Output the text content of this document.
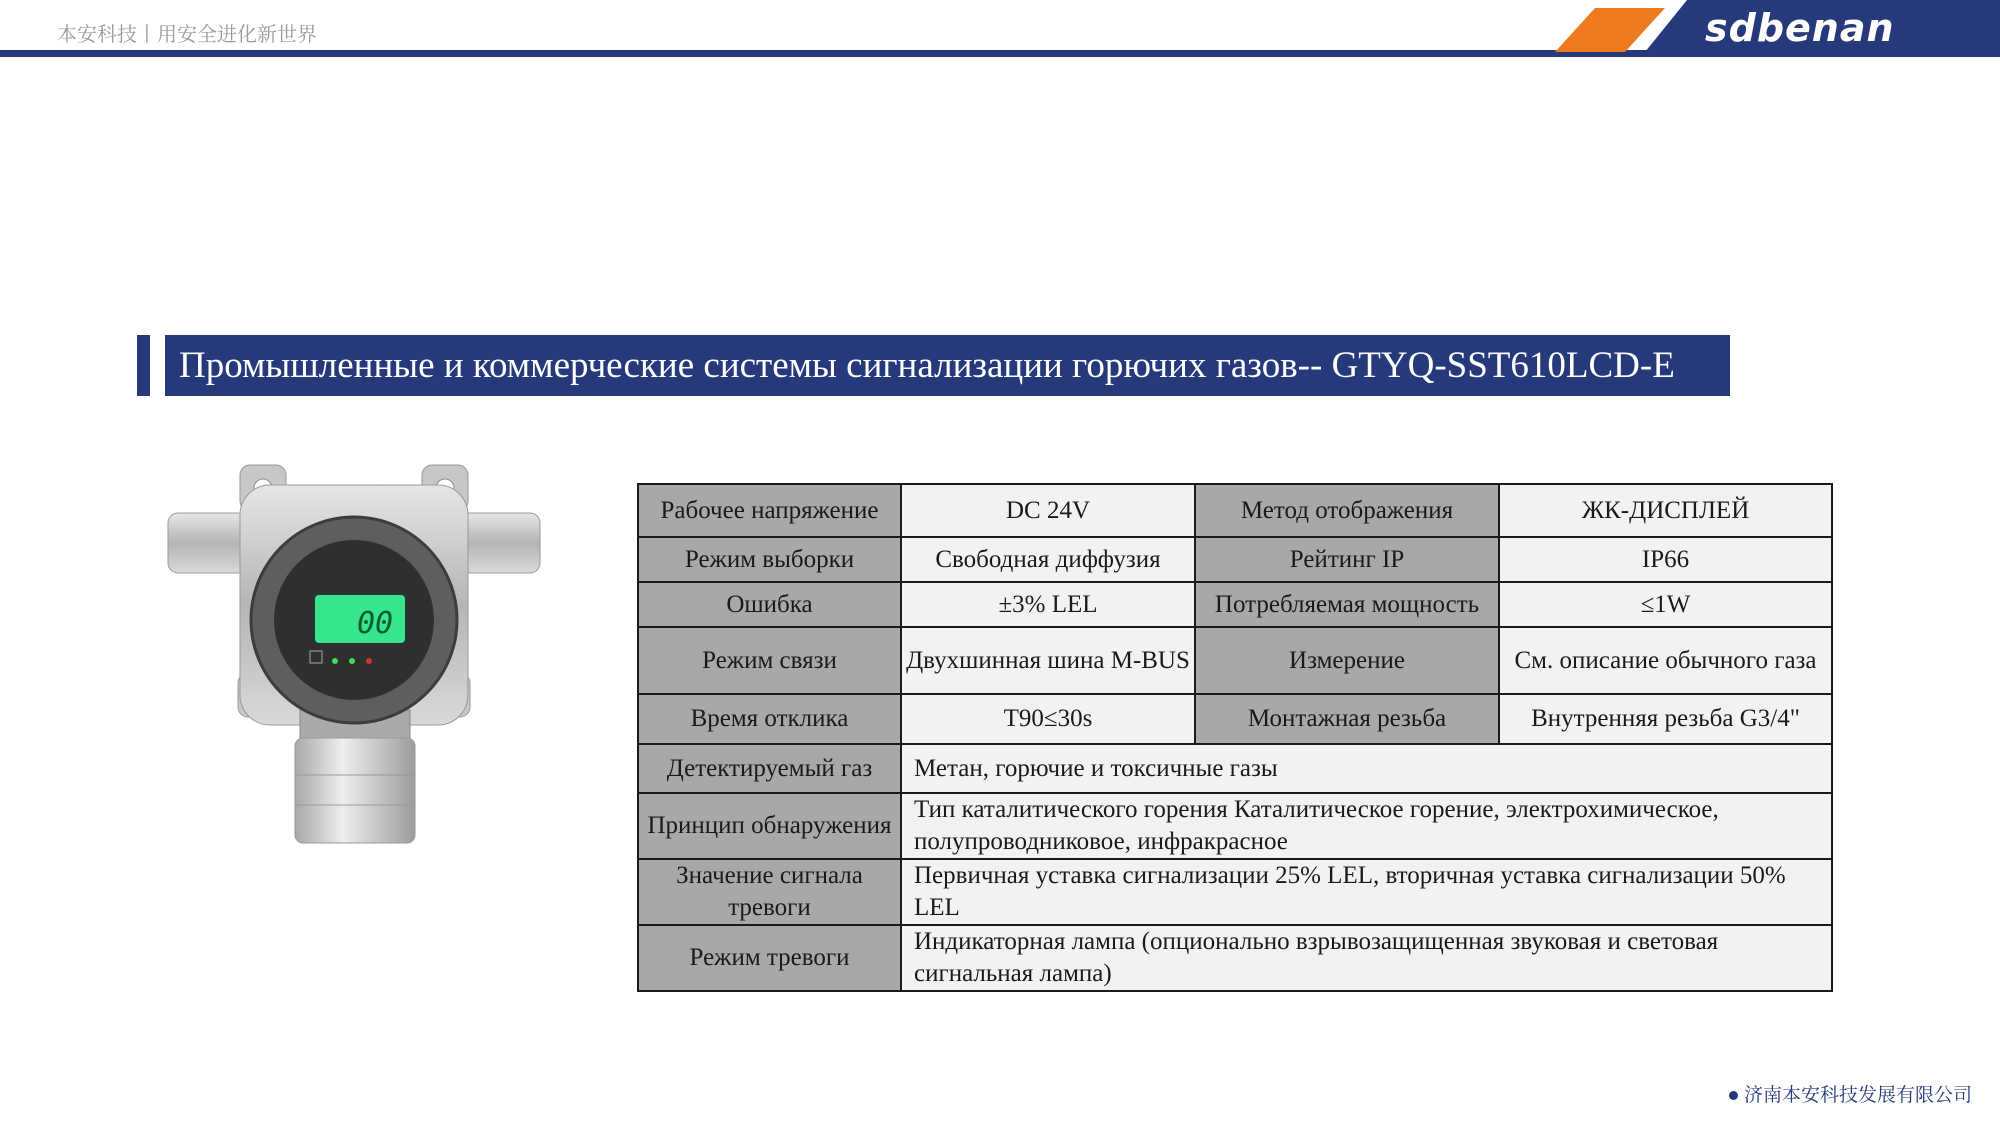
本安科技丨用安全进化新世界	sdbenan
Промышленные и коммерческие системы сигнализации горючих газов-- GTYQ-SST610LCD-E
00
Рабочее напряжение	DC 24V	Метод отображения	ЖК-ДИСПЛЕЙ
Режим выборки	Свободная диффузия	Рейтинг IP	IP66
Ошибка	±3% LEL	Потребляемая мощность	≤1W
Режим связи	Двухшинная шина M-BUS	Измерение	См. описание обычного газа
Время отклика	T90≤30s	Монтажная резьба	Внутренняя резьба G3/4"
Детектируемый газ	Метан, горючие и токсичные газы		
Принцип обнаружения	Тип каталитического горения Каталитическое горение, электрохимическое, полупроводниковое, инфракрасное		
Значение сигнала тревоги	Первичная уставка сигнализации 25% LEL, вторичная уставка сигнализации 50% LEL		
Режим тревоги	Индикаторная лампа (опционально взрывозащищенная звуковая и световая сигнальная лампа)		
济南本安科技发展有限公司
